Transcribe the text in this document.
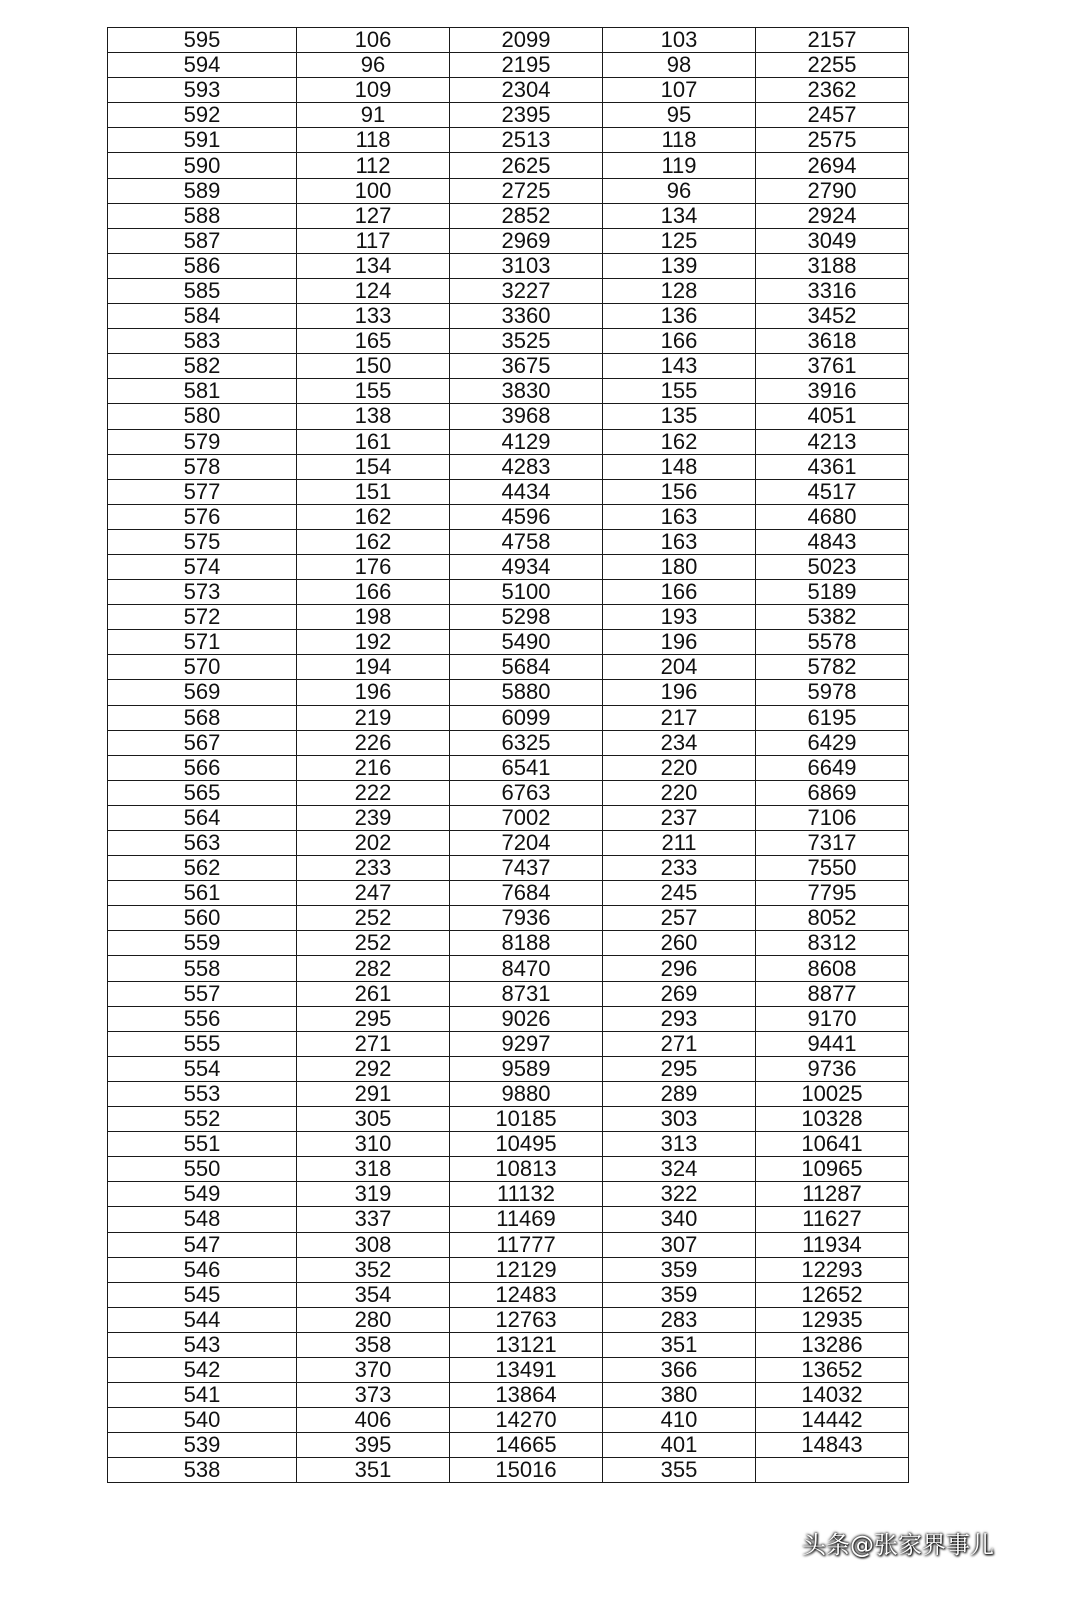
595	106	2099	103	2157
594	96	2195	98	2255
593	109	2304	107	2362
592	91	2395	95	2457
591	118	2513	118	2575
590	112	2625	119	2694
589	100	2725	96	2790
588	127	2852	134	2924
587	117	2969	125	3049
586	134	3103	139	3188
585	124	3227	128	3316
584	133	3360	136	3452
583	165	3525	166	3618
582	150	3675	143	3761
581	155	3830	155	3916
580	138	3968	135	4051
579	161	4129	162	4213
578	154	4283	148	4361
577	151	4434	156	4517
576	162	4596	163	4680
575	162	4758	163	4843
574	176	4934	180	5023
573	166	5100	166	5189
572	198	5298	193	5382
571	192	5490	196	5578
570	194	5684	204	5782
569	196	5880	196	5978
568	219	6099	217	6195
567	226	6325	234	6429
566	216	6541	220	6649
565	222	6763	220	6869
564	239	7002	237	7106
563	202	7204	211	7317
562	233	7437	233	7550
561	247	7684	245	7795
560	252	7936	257	8052
559	252	8188	260	8312
558	282	8470	296	8608
557	261	8731	269	8877
556	295	9026	293	9170
555	271	9297	271	9441
554	292	9589	295	9736
553	291	9880	289	10025
552	305	10185	303	10328
551	310	10495	313	10641
550	318	10813	324	10965
549	319	11132	322	11287
548	337	11469	340	11627
547	308	11777	307	11934
546	352	12129	359	12293
545	354	12483	359	12652
544	280	12763	283	12935
543	358	13121	351	13286
542	370	13491	366	13652
541	373	13864	380	14032
540	406	14270	410	14442
539	395	14665	401	14843
538	351	15016	355	
头条@张家界事儿
